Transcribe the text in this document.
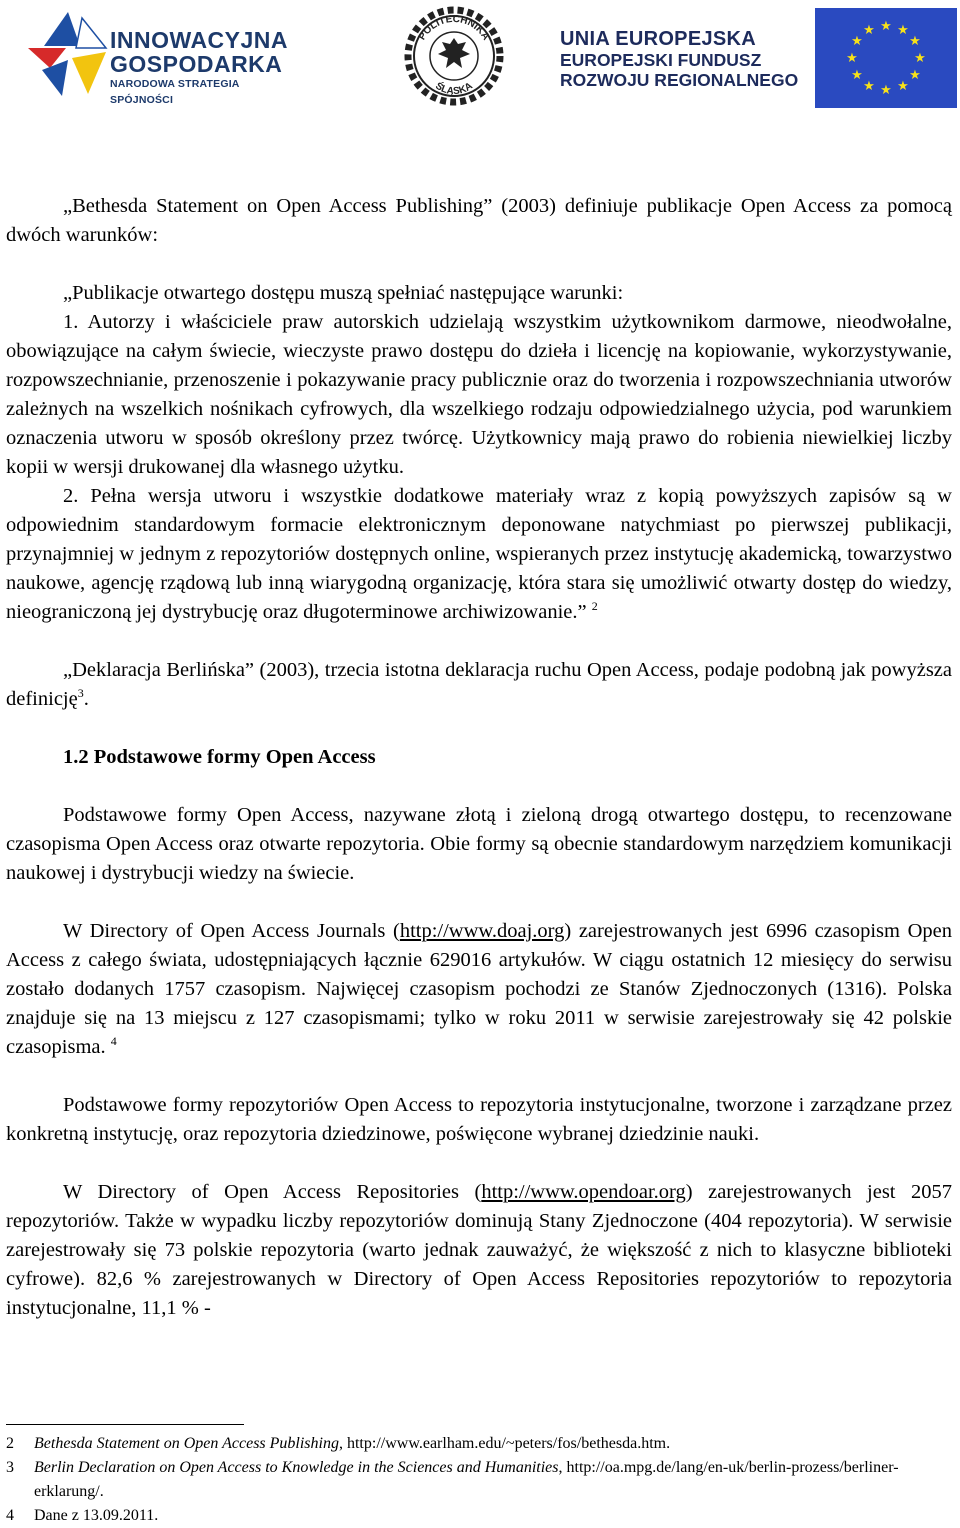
INNOWACYJNA
GOSPODARKA
NARODOWA STRATEGIA SPÓJNOŚCI
POLITECHNIKA
ŚLĄSKA
UNIA EUROPEJSKA
EUROPEJSKI FUNDUSZ
ROZWOJU REGIONALNEGO
★ ★
★
★
★
★
★
★
★
★
★
★

„Bethesda Statement on Open Access Publishing” (2003) definiuje publikacje Open Access za pomocą dwóch warunków:

„Publikacje otwartego dostępu muszą spełniać następujące warunki:

1. Autorzy i właściciele praw autorskich udzielają wszystkim użytkownikom darmowe, nieodwołalne, obowiązujące na całym świecie, wieczyste prawo dostępu do dzieła i licencję na kopiowanie, wykorzystywanie, rozpowszechnianie, przenoszenie i pokazywanie pracy publicznie oraz do tworzenia i rozpowszechniania utworów zależnych na wszelkich nośnikach cyfrowych, dla wszelkiego rodzaju odpowiedzialnego użycia, pod warunkiem oznaczenia utworu w sposób określony przez twórcę. Użytkownicy mają prawo do robienia niewielkiej liczby kopii w wersji drukowanej dla własnego użytku.

2. Pełna wersja utworu i wszystkie dodatkowe materiały wraz z kopią powyższych zapisów są w odpowiednim standardowym formacie elektronicznym deponowane natychmiast po pierwszej publikacji, przynajmniej w jednym z repozytoriów dostępnych online, wspieranych przez instytucję akademicką, towarzystwo naukowe, agencję rządową lub inną wiarygodną organizację, która stara się umożliwić otwarty dostęp do wiedzy, nieograniczoną jej dystrybucję oraz długoterminowe archiwizowanie.” $^2$

„Deklaracja Berlińska” (2003), trzecia istotna deklaracja ruchu Open Access, podaje podobną jak powyższa definicję$^3$.

1.2 Podstawowe formy Open Access

Podstawowe formy Open Access, nazywane złotą i zieloną drogą otwartego dostępu, to recenzowane czasopisma Open Access oraz otwarte repozytoria. Obie formy są obecnie standardowym narzędziem komunikacji naukowej i dystrybucji wiedzy na świecie.

W Directory of Open Access Journals (http://www.doaj.org) zarejestrowanych jest 6996 czasopism Open Access z całego świata, udostępniających łącznie 629016 artykułów. W ciągu ostatnich 12 miesięcy do serwisu zostało dodanych 1757 czasopism. Najwięcej czasopism pochodzi ze Stanów Zjednoczonych (1316). Polska znajduje się na 13 miejscu z 127 czasopismami; tylko w roku 2011 w serwisie zarejestrowały się 42 polskie czasopisma. $^4$

Podstawowe formy repozytoriów Open Access to repozytoria instytucjonalne, tworzone i zarządzane przez konkretną instytucję, oraz repozytoria dziedzinowe, poświęcone wybranej dziedzinie nauki.

W Directory of Open Access Repositories (http://www.opendoar.org) zarejestrowanych jest 2057 repozytoriów. Także w wypadku liczby repozytoriów dominują Stany Zjednoczone (404 repozytoria). W serwisie zarejestrowały się 73 polskie repozytoria (warto jednak zauważyć, że większość z nich to klasyczne biblioteki cyfrowe). 82,6 % zarejestrowanych w Directory of Open Access Repositories repozytoriów to repozytoria instytucjonalne, 11,1 % -

2	Bethesda Statement on Open Access Publishing, http://www.earlham.edu/~peters/fos/bethesda.htm.
3	Berlin Declaration on Open Access to Knowledge in the Sciences and Humanities, http://oa.mpg.de/lang/en-uk/berlin-prozess/berliner-erklarung/.
4	Dane z 13.09.2011.
